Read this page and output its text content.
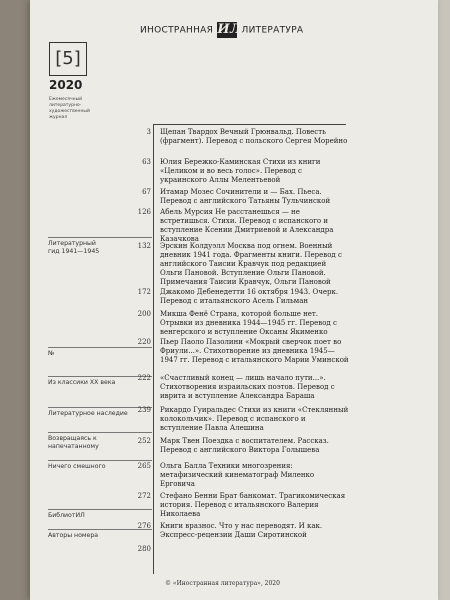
ИНОСТРАННАЯ ИЛ ЛИТЕРАТУРА
[5]
2020
Ежемесячный литературно-художественный журнал
Литературный гид 1941—1945
№
Из классики XX века
Литературное наследие
Возвращаясь к напечатанному
Ничего смешного
БиблиотИЛ
Авторы номера
3 Щепан Твардох Вечный Грюнвальд. Повесть (фрагмент). Перевод с польского Сергея Морейно
63 Юлия Бережко-Каминская Стихи из книги «Целиком и во весь голос». Перевод с украинского Аллы Мелентьевой
67 Итамар Мозес Сочинители и — Бах. Пьеса. Перевод с английского Татьяны Тульчинской
126 Абель Мурсия Не расстанешься — не встретишься. Стихи. Перевод с испанского и вступление Ксении Дмитриевой и Александра Казачкова
132 Эрскин Колдуэлл Москва под огнем. Военный дневник 1941 года. Фрагменты книги. Перевод с английского Таисии Кравчук под редакцией Ольги Пановой. Вступление Ольги Пановой. Примечания Таисии Кравчук, Ольги Пановой
172 Джакомо Дебенедетти 16 октября 1943. Очерк. Перевод с итальянского Асель Гильман
200 Микша Фенё Страна, которой больше нет. Отрывки из дневника 1944—1945 гг. Перевод с венгерского и вступление Оксаны Якименко
220 Пьер Паоло Пазолини «Мокрый сверчок поет во Фриули...». Стихотворение из дневника 1945—1947 гг. Перевод с итальянского Марии Уминской
222 «Счастливый конец — лишь начало пути...». Стихотворения израильских поэтов. Перевод с иврита и вступление Александра Бараша
239 Рикардо Гуиральдес Стихи из книги «Стеклянный колокольчик». Перевод с испанского и вступление Павла Алешина
252 Марк Твен Поездка с воспитателем. Рассказ. Перевод с английского Виктора Голышева
265 Ольга Балла Техники многозрения: метафизический кинематограф Миленко Ерговича
272 Стефано Бенни Брат банкомат. Трагикомическая история. Перевод с итальянского Валерия Николаева
276 Книги вразнос. Что у нас переводят. И как. Экспресс-рецензии Даши Сиротинской
280
© «Иностранная литература», 2020
